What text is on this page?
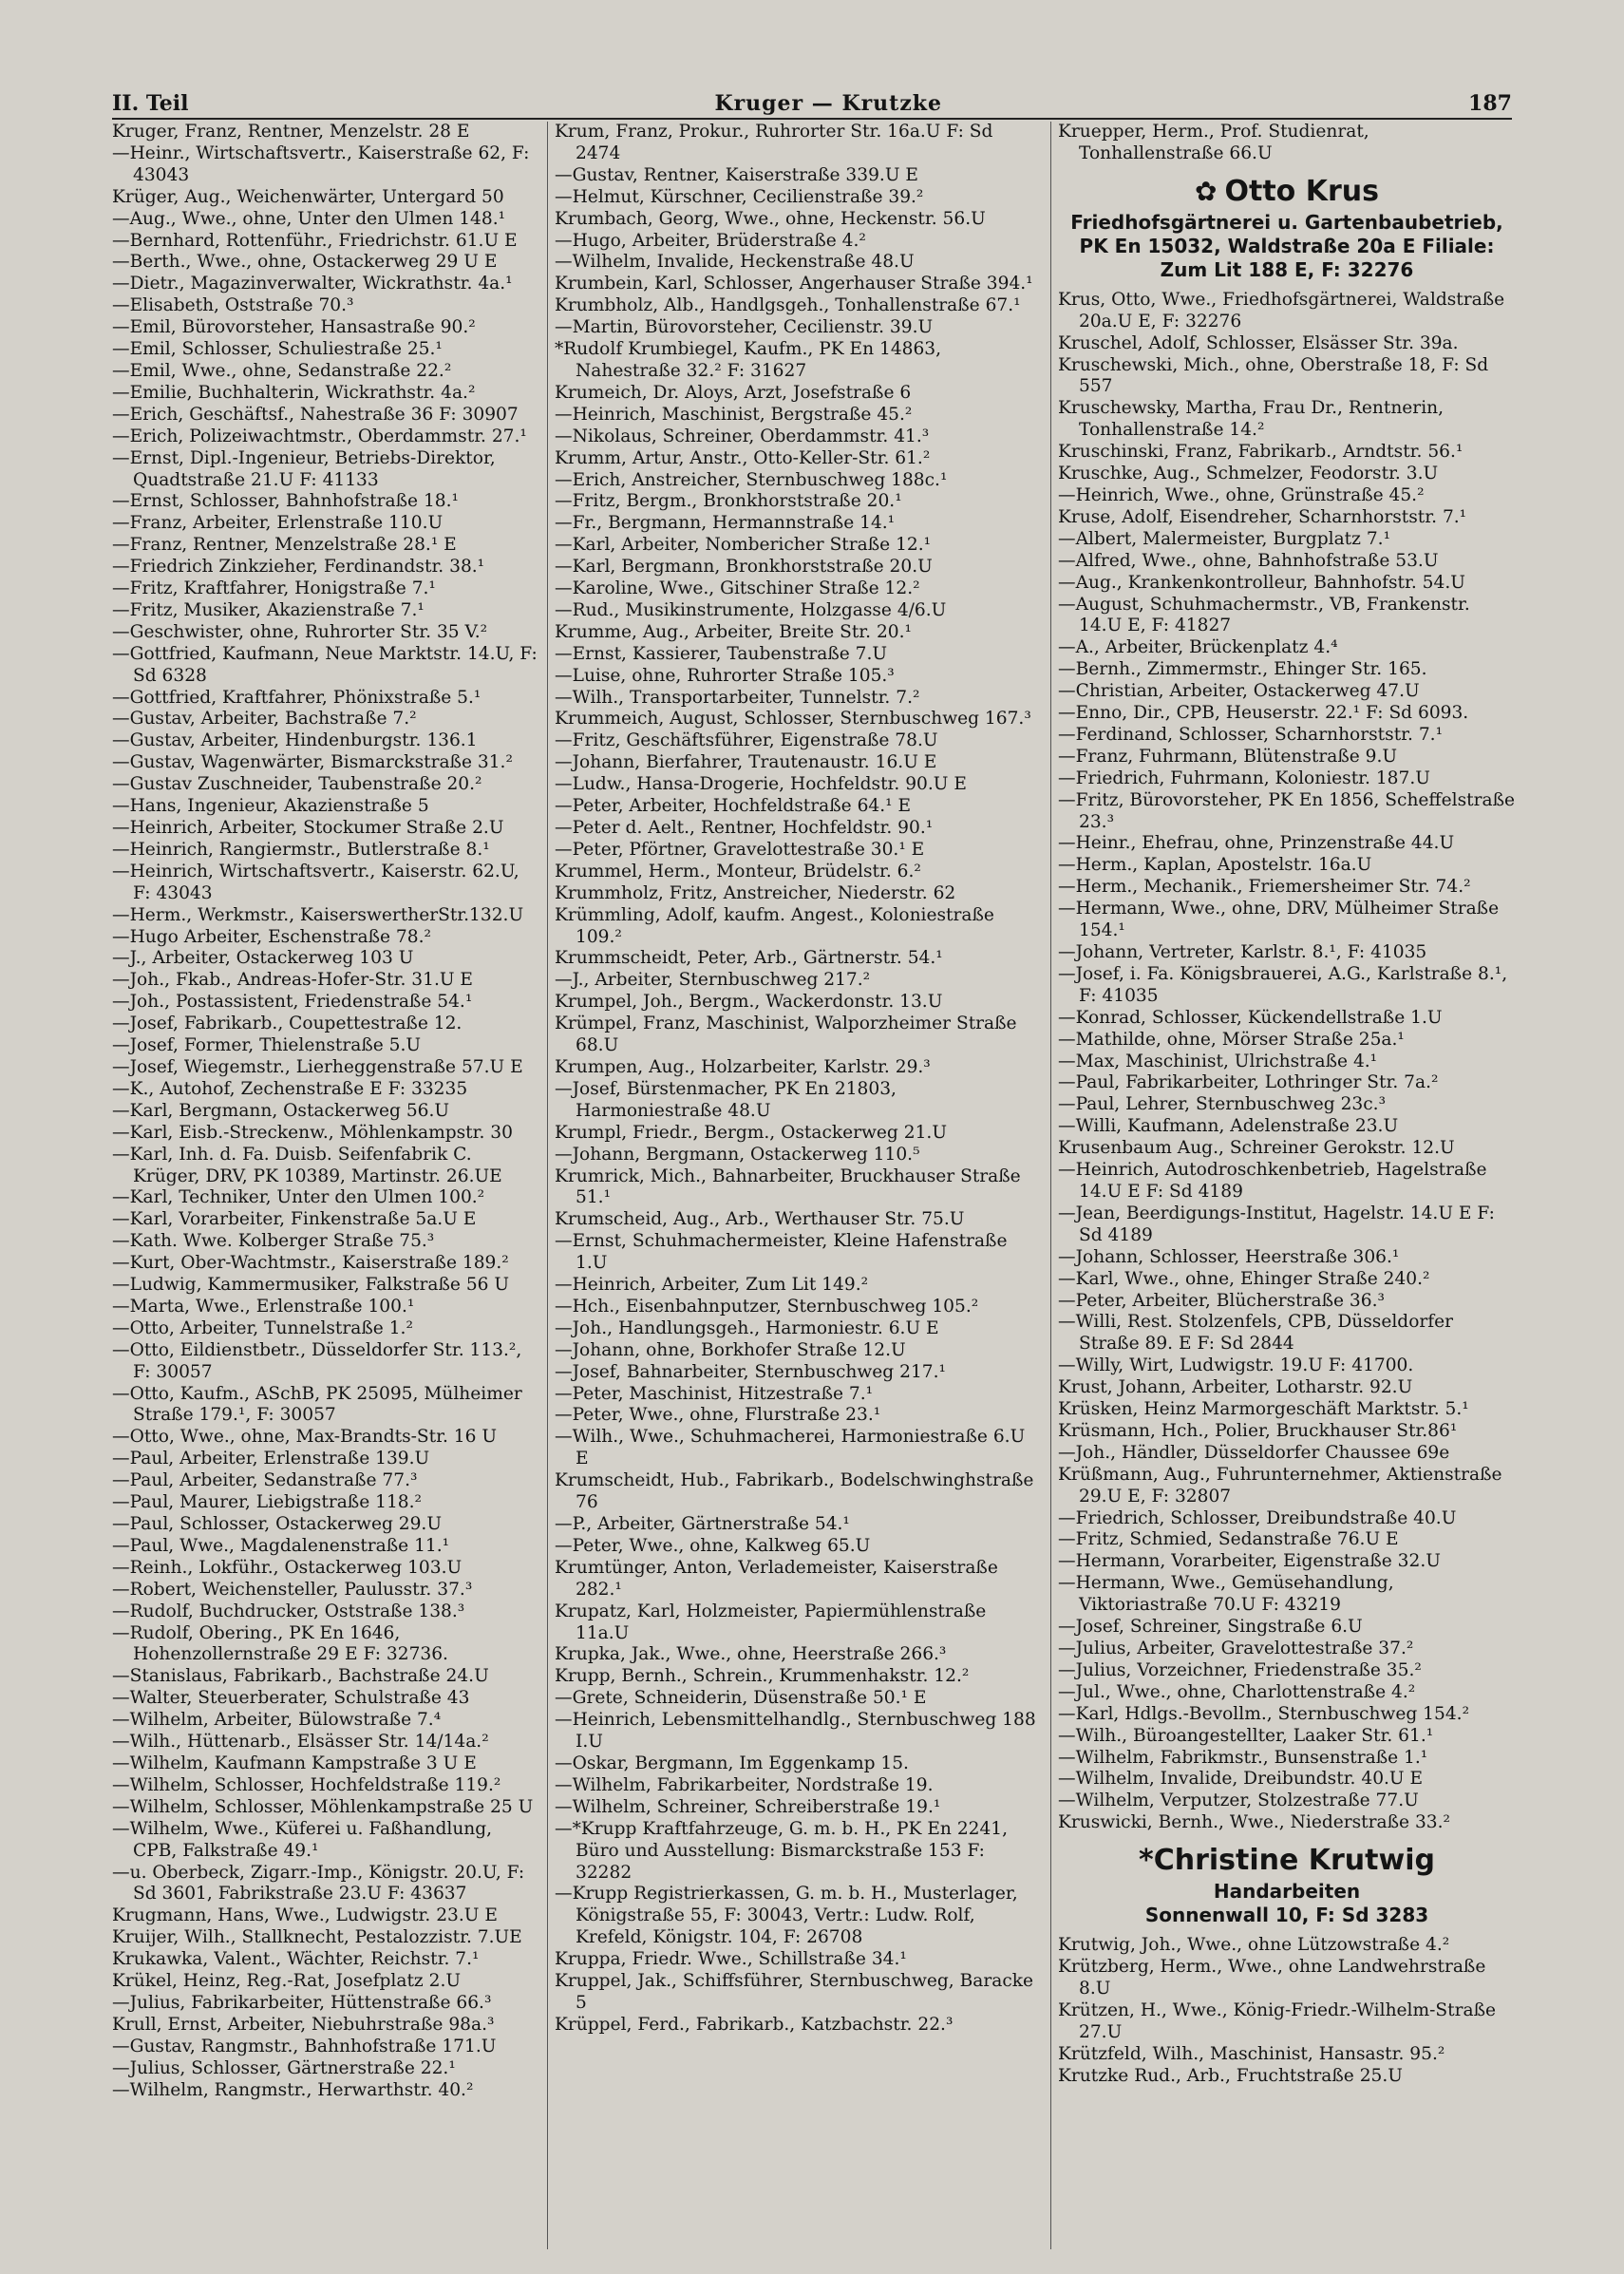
II. Teil	Kruger — Krutzke	187
Kruger, Franz, Rentner, Menzelstr. 28 E
—Heinr., Wirtschaftsvertr., Kaiserstraße 62, F: 43043
Krüger, Aug., Weichenwärter, Untergard 50
—Aug., Wwe., ohne, Unter den Ulmen 148.¹
—Bernhard, Rottenführ., Friedrichstr. 61.U E
—Berth., Wwe., ohne, Ostackerweg 29 U E
—Dietr., Magazinverwalter, Wickrathstr. 4a.¹
—Elisabeth, Oststraße 70.³
—Emil, Bürovorsteher, Hansastraße 90.²
—Emil, Schlosser, Schuliestraße 25.¹
—Emil, Wwe., ohne, Sedanstraße 22.²
—Emilie, Buchhalterin, Wickrathstr. 4a.²
—Erich, Geschäftsf., Nahestraße 36 F: 30907
—Erich, Polizeiwachtmstr., Oberdammstr. 27.¹
—Ernst, Dipl.-Ingenieur, Betriebs-Direktor, Quadtstraße 21.U F: 41133
—Ernst, Schlosser, Bahnhofstraße 18.¹
—Franz, Arbeiter, Erlenstraße 110.U
—Franz, Rentner, Menzelstraße 28.¹ E
—Friedrich Zinkzieher, Ferdinandstr. 38.¹
—Fritz, Kraftfahrer, Honigstraße 7.¹
—Fritz, Musiker, Akazienstraße 7.¹
—Geschwister, ohne, Ruhrorter Str. 35 V.²
—Gottfried, Kaufmann, Neue Marktstr. 14.U, F: Sd 6328
—Gottfried, Kraftfahrer, Phönixstraße 5.¹
—Gustav, Arbeiter, Bachstraße 7.²
—Gustav, Arbeiter, Hindenburgstr. 136.1
—Gustav, Wagenwärter, Bismarckstraße 31.²
—Gustav Zuschneider, Taubenstraße 20.²
—Hans, Ingenieur, Akazienstraße 5
—Heinrich, Arbeiter, Stockumer Straße 2.U
—Heinrich, Rangiermstr., Butlerstraße 8.¹
—Heinrich, Wirtschaftsvertr., Kaiserstr. 62.U, F: 43043
—Herm., Werkmstr., KaiserswertherStr.132.U
—Hugo Arbeiter, Eschenstraße 78.²
—J., Arbeiter, Ostackerweg 103 U
—Joh., Fkab., Andreas-Hofer-Str. 31.U E
—Joh., Postassistent, Friedenstraße 54.¹
—Josef, Fabrikarb., Coupettestraße 12.
—Josef, Former, Thielenstraße 5.U
—Josef, Wiegemstr., Lierheggenstraße 57.U E
—K., Autohof, Zechenstraße E F: 33235
—Karl, Bergmann, Ostackerweg 56.U
—Karl, Eisb.-Streckenw., Möhlenkampstr. 30
—Karl, Inh. d. Fa. Duisb. Seifenfabrik C. Krüger, DRV, PK 10389, Martinstr. 26.UE
—Karl, Techniker, Unter den Ulmen 100.²
—Karl, Vorarbeiter, Finkenstraße 5a.U E
—Kath. Wwe. Kolberger Straße 75.³
—Kurt, Ober-Wachtmstr., Kaiserstraße 189.²
—Ludwig, Kammermusiker, Falkstraße 56 U
—Marta, Wwe., Erlenstraße 100.¹
—Otto, Arbeiter, Tunnelstraße 1.²
—Otto, Eildienstbetr., Düsseldorfer Str. 113.², F: 30057
—Otto, Kaufm., ASchB, PK 25095, Mülheimer Straße 179.¹, F: 30057
—Otto, Wwe., ohne, Max-Brandts-Str. 16 U
—Paul, Arbeiter, Erlenstraße 139.U
—Paul, Arbeiter, Sedanstraße 77.³
—Paul, Maurer, Liebigstraße 118.²
—Paul, Schlosser, Ostackerweg 29.U
—Paul, Wwe., Magdalenenstraße 11.¹
—Reinh., Lokführ., Ostackerweg 103.U
—Robert, Weichensteller, Paulusstr. 37.³
—Rudolf, Buchdrucker, Oststraße 138.³
—Rudolf, Obering., PK En 1646, Hohenzollernstraße 29 E F: 32736.
—Stanislaus, Fabrikarb., Bachstraße 24.U
—Walter, Steuerberater, Schulstraße 43
—Wilhelm, Arbeiter, Bülowstraße 7.⁴
—Wilh., Hüttenarb., Elsässer Str. 14/14a.²
—Wilhelm, Kaufmann Kampstraße 3 U E
—Wilhelm, Schlosser, Hochfeldstraße 119.²
—Wilhelm, Schlosser, Möhlenkampstraße 25 U
—Wilhelm, Wwe., Küferei u. Faßhandlung, CPB, Falkstraße 49.¹
—u. Oberbeck, Zigarr.-Imp., Königstr. 20.U, F: Sd 3601, Fabrikstraße 23.U F: 43637
Krugmann, Hans, Wwe., Ludwigstr. 23.U E
Kruijer, Wilh., Stallknecht, Pestalozzistr. 7.UE
Krukawka, Valent., Wächter, Reichstr. 7.¹
Krükel, Heinz, Reg.-Rat, Josefplatz 2.U
—Julius, Fabrikarbeiter, Hüttenstraße 66.³
Krull, Ernst, Arbeiter, Niebuhrstraße 98a.³
—Gustav, Rangmstr., Bahnhofstraße 171.U
—Julius, Schlosser, Gärtnerstraße 22.¹
—Wilhelm, Rangmstr., Herwarthstr. 40.²
Krum, Franz, Prokur., Ruhrorter Str. 16a.U F: Sd 2474
—Gustav, Rentner, Kaiserstraße 339.U E
—Helmut, Kürschner, Cecilienstraße 39.²
Krumbach, Georg, Wwe., ohne, Heckenstr. 56.U
—Hugo, Arbeiter, Brüderstraße 4.²
—Wilhelm, Invalide, Heckenstraße 48.U
Krumbein, Karl, Schlosser, Angerhauser Straße 394.¹
Krumbholz, Alb., Handlgsgeh., Tonhallenstraße 67.¹
—Martin, Bürovorsteher, Cecilienstr. 39.U
*Rudolf Krumbiegel, Kaufm., PK En 14863, Nahestraße 32.² F: 31627
Krumeich, Dr. Aloys, Arzt, Josefstraße 6
—Heinrich, Maschinist, Bergstraße 45.²
—Nikolaus, Schreiner, Oberdammstr. 41.³
Krumm, Artur, Anstr., Otto-Keller-Str. 61.²
—Erich, Anstreicher, Sternbuschweg 188c.¹
—Fritz, Bergm., Bronkhorststraße 20.¹
—Fr., Bergmann, Hermannstraße 14.¹
—Karl, Arbeiter, Nombericher Straße 12.¹
—Karl, Bergmann, Bronkhorststraße 20.U
—Karoline, Wwe., Gitschiner Straße 12.²
—Rud., Musikinstrumente, Holzgasse 4/6.U
Krumme, Aug., Arbeiter, Breite Str. 20.¹
—Ernst, Kassierer, Taubenstraße 7.U
—Luise, ohne, Ruhrorter Straße 105.³
—Wilh., Transportarbeiter, Tunnelstr. 7.²
Krummeich, August, Schlosser, Sternbuschweg 167.³
—Fritz, Geschäftsführer, Eigenstraße 78.U
—Johann, Bierfahrer, Trautenaustr. 16.U E
—Ludw., Hansa-Drogerie, Hochfeldstr. 90.U E
—Peter, Arbeiter, Hochfeldstraße 64.¹ E
—Peter d. Aelt., Rentner, Hochfeldstr. 90.¹
—Peter, Pförtner, Gravelottestraße 30.¹ E
Krummel, Herm., Monteur, Brüdelstr. 6.²
Krummholz, Fritz, Anstreicher, Niederstr. 62
Krümmling, Adolf, kaufm. Angest., Koloniestraße 109.²
Krummscheidt, Peter, Arb., Gärtnerstr. 54.¹
—J., Arbeiter, Sternbuschweg 217.²
Krumpel, Joh., Bergm., Wackerdonstr. 13.U
Krümpel, Franz, Maschinist, Walporzheimer Straße 68.U
Krumpen, Aug., Holzarbeiter, Karlstr. 29.³
—Josef, Bürstenmacher, PK En 21803, Harmoniestraße 48.U
Krumpl, Friedr., Bergm., Ostackerweg 21.U
—Johann, Bergmann, Ostackerweg 110.⁵
Krumrick, Mich., Bahnarbeiter, Bruckhauser Straße 51.¹
Krumscheid, Aug., Arb., Werthauser Str. 75.U
—Ernst, Schuhmachermeister, Kleine Hafenstraße 1.U
—Heinrich, Arbeiter, Zum Lit 149.²
—Hch., Eisenbahnputzer, Sternbuschweg 105.²
—Joh., Handlungsgeh., Harmoniestr. 6.U E
—Johann, ohne, Borkhofer Straße 12.U
—Josef, Bahnarbeiter, Sternbuschweg 217.¹
—Peter, Maschinist, Hitzestraße 7.¹
—Peter, Wwe., ohne, Flurstraße 23.¹
—Wilh., Wwe., Schuhmacherei, Harmoniestraße 6.U E
Krumscheidt, Hub., Fabrikarb., Bodelschwinghstraße 76
—P., Arbeiter, Gärtnerstraße 54.¹
—Peter, Wwe., ohne, Kalkweg 65.U
Krumtünger, Anton, Verlademeister, Kaiserstraße 282.¹
Krupatz, Karl, Holzmeister, Papiermühlenstraße 11a.U
Krupka, Jak., Wwe., ohne, Heerstraße 266.³
Krupp, Bernh., Schrein., Krummenhakstr. 12.²
—Grete, Schneiderin, Düsenstraße 50.¹ E
—Heinrich, Lebensmittelhandlg., Sternbuschweg 188 I.U
—Oskar, Bergmann, Im Eggenkamp 15.
—Wilhelm, Fabrikarbeiter, Nordstraße 19.
—Wilhelm, Schreiner, Schreiberstraße 19.¹
—*Krupp Kraftfahrzeuge, G. m. b. H., PK En 2241, Büro und Ausstellung: Bismarckstraße 153 F: 32282
—Krupp Registrierkassen, G. m. b. H., Musterlager, Königstraße 55, F: 30043, Vertr.: Ludw. Rolf, Krefeld, Königstr. 104, F: 26708
Kruppa, Friedr. Wwe., Schillstraße 34.¹
Kruppel, Jak., Schiffsführer, Sternbuschweg, Baracke 5
Krüppel, Ferd., Fabrikarb., Katzbachstr. 22.³
Kruepper, Herm., Prof. Studienrat, Tonhallenstraße 66.U
✿ Otto Krus
Friedhofsgärtnerei u. Gartenbaubetrieb,
PK En 15032, Waldstraße 20a E Filiale:
Zum Lit 188 E, F: 32276
Krus, Otto, Wwe., Friedhofsgärtnerei, Waldstraße 20a.U E, F: 32276
Kruschel, Adolf, Schlosser, Elsässer Str. 39a.
Kruschewski, Mich., ohne, Oberstraße 18, F: Sd 557
Kruschewsky, Martha, Frau Dr., Rentnerin, Tonhallenstraße 14.²
Kruschinski, Franz, Fabrikarb., Arndtstr. 56.¹
Kruschke, Aug., Schmelzer, Feodorstr. 3.U
—Heinrich, Wwe., ohne, Grünstraße 45.²
Kruse, Adolf, Eisendreher, Scharnhorststr. 7.¹
—Albert, Malermeister, Burgplatz 7.¹
—Alfred, Wwe., ohne, Bahnhofstraße 53.U
—Aug., Krankenkontrolleur, Bahnhofstr. 54.U
—August, Schuhmachermstr., VB, Frankenstr. 14.U E, F: 41827
—A., Arbeiter, Brückenplatz 4.⁴
—Bernh., Zimmermstr., Ehinger Str. 165.
—Christian, Arbeiter, Ostackerweg 47.U
—Enno, Dir., CPB, Heuserstr. 22.¹ F: Sd 6093.
—Ferdinand, Schlosser, Scharnhorststr. 7.¹
—Franz, Fuhrmann, Blütenstraße 9.U
—Friedrich, Fuhrmann, Koloniestr. 187.U
—Fritz, Bürovorsteher, PK En 1856, Scheffelstraße 23.³
—Heinr., Ehefrau, ohne, Prinzenstraße 44.U
—Herm., Kaplan, Apostelstr. 16a.U
—Herm., Mechanik., Friemersheimer Str. 74.²
—Hermann, Wwe., ohne, DRV, Mülheimer Straße 154.¹
—Johann, Vertreter, Karlstr. 8.¹, F: 41035
—Josef, i. Fa. Königsbrauerei, A.G., Karlstraße 8.¹, F: 41035
—Konrad, Schlosser, Kückendellstraße 1.U
—Mathilde, ohne, Mörser Straße 25a.¹
—Max, Maschinist, Ulrichstraße 4.¹
—Paul, Fabrikarbeiter, Lothringer Str. 7a.²
—Paul, Lehrer, Sternbuschweg 23c.³
—Willi, Kaufmann, Adelenstraße 23.U
Krusenbaum Aug., Schreiner Gerokstr. 12.U
—Heinrich, Autodroschkenbetrieb, Hagelstraße 14.U E F: Sd 4189
—Jean, Beerdigungs-Institut, Hagelstr. 14.U E F: Sd 4189
—Johann, Schlosser, Heerstraße 306.¹
—Karl, Wwe., ohne, Ehinger Straße 240.²
—Peter, Arbeiter, Blücherstraße 36.³
—Willi, Rest. Stolzenfels, CPB, Düsseldorfer Straße 89. E F: Sd 2844
—Willy, Wirt, Ludwigstr. 19.U F: 41700.
Krust, Johann, Arbeiter, Lotharstr. 92.U
Krüsken, Heinz Marmorgeschäft Marktstr. 5.¹
Krüsmann, Hch., Polier, Bruckhauser Str.86¹
—Joh., Händler, Düsseldorfer Chaussee 69e
Krüßmann, Aug., Fuhrunternehmer, Aktienstraße 29.U E, F: 32807
—Friedrich, Schlosser, Dreibundstraße 40.U
—Fritz, Schmied, Sedanstraße 76.U E
—Hermann, Vorarbeiter, Eigenstraße 32.U
—Hermann, Wwe., Gemüsehandlung, Viktoriastraße 70.U F: 43219
—Josef, Schreiner, Singstraße 6.U
—Julius, Arbeiter, Gravelottestraße 37.²
—Julius, Vorzeichner, Friedenstraße 35.²
—Jul., Wwe., ohne, Charlottenstraße 4.²
—Karl, Hdlgs.-Bevollm., Sternbuschweg 154.²
—Wilh., Büroangestellter, Laaker Str. 61.¹
—Wilhelm, Fabrikmstr., Bunsenstraße 1.¹
—Wilhelm, Invalide, Dreibundstr. 40.U E
—Wilhelm, Verputzer, Stolzestraße 77.U
Kruswicki, Bernh., Wwe., Niederstraße 33.²
*Christine Krutwig
Handarbeiten
Sonnenwall 10, F: Sd 3283
Krutwig, Joh., Wwe., ohne Lützowstraße 4.²
Krützberg, Herm., Wwe., ohne Landwehrstraße 8.U
Krützen, H., Wwe., König-Friedr.-Wilhelm-Straße 27.U
Krützfeld, Wilh., Maschinist, Hansastr. 95.²
Krutzke Rud., Arb., Fruchtstraße 25.U
